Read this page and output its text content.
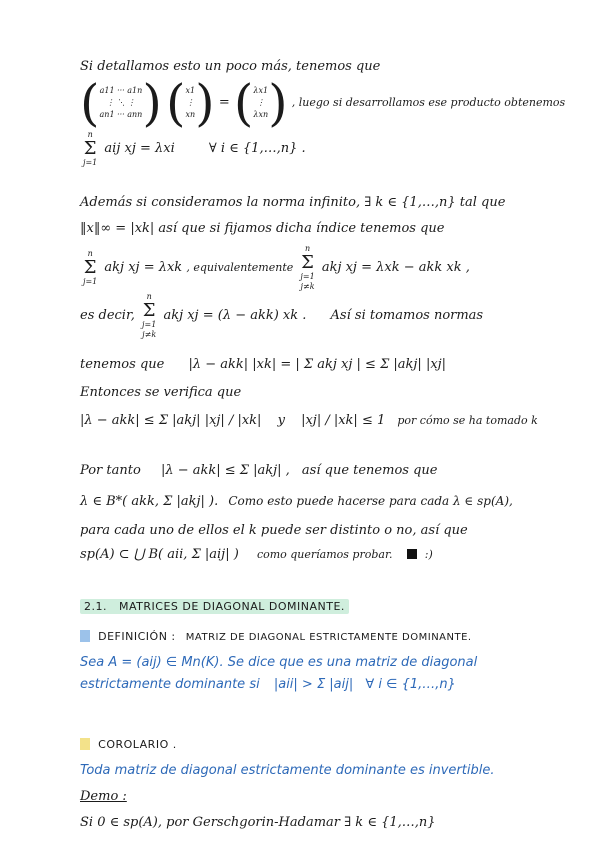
Si detallamos esto un poco más, tenemos que
( a11 ··· a1n
⋮ ⋱ ⋮
an1 ··· ann )
( x1
⋮
xn ) = ( λx1
⋮
λxn ) , luego si desarrollamos ese producto obtenemos
n
Σ
j=1
aij xj = λxi	∀ i ∈ {1,…,n} .
Además si consideramos la norma infinito, ∃ k ∈ {1,…,n} tal que
‖x‖∞ = |xk| así que si fijamos dicha índice tenemos que
n
Σ
j=1
akj xj = λxk , equivalentemente
n
Σ
j=1
j≠k
akj xj = λxk − akk xk ,
es decir,
n
Σ
j=1
j≠k
akj xj = (λ − akk) xk . Así si tomamos normas
tenemos que |λ − akk| |xk| = | Σ akj xj | ≤ Σ |akj| |xj|
Entonces se verifica que
|λ − akk| ≤ Σ |akj| |xj| / |xk| y |xj| / |xk| ≤ 1 por cómo se ha tomado k
Por tanto |λ − akk| ≤ Σ |akj| , así que tenemos que
λ ∈ B*( akk, Σ |akj| ). Como esto puede hacerse para cada λ ∈ sp(A),
para cada uno de ellos el k puede ser distinto o no, así que
sp(A) ⊂ ⋃ B( aii, Σ |aij| ) como queríamos probar.	:)
2.1. MATRICES DE DIAGONAL DOMINANTE.
DEFINICIÓN : MATRIZ DE DIAGONAL ESTRICTAMENTE DOMINANTE.
Sea A = (aij) ∈ Mn(K). Se dice que es una matriz de diagonal
estrictamente dominante si |aii| > Σ |aij| ∀ i ∈ {1,…,n}
COROLARIO .
Toda matriz de diagonal estrictamente dominante es invertible.
Demo :
Si 0 ∈ sp(A), por Gerschgorin-Hadamar ∃ k ∈ {1,…,n}
